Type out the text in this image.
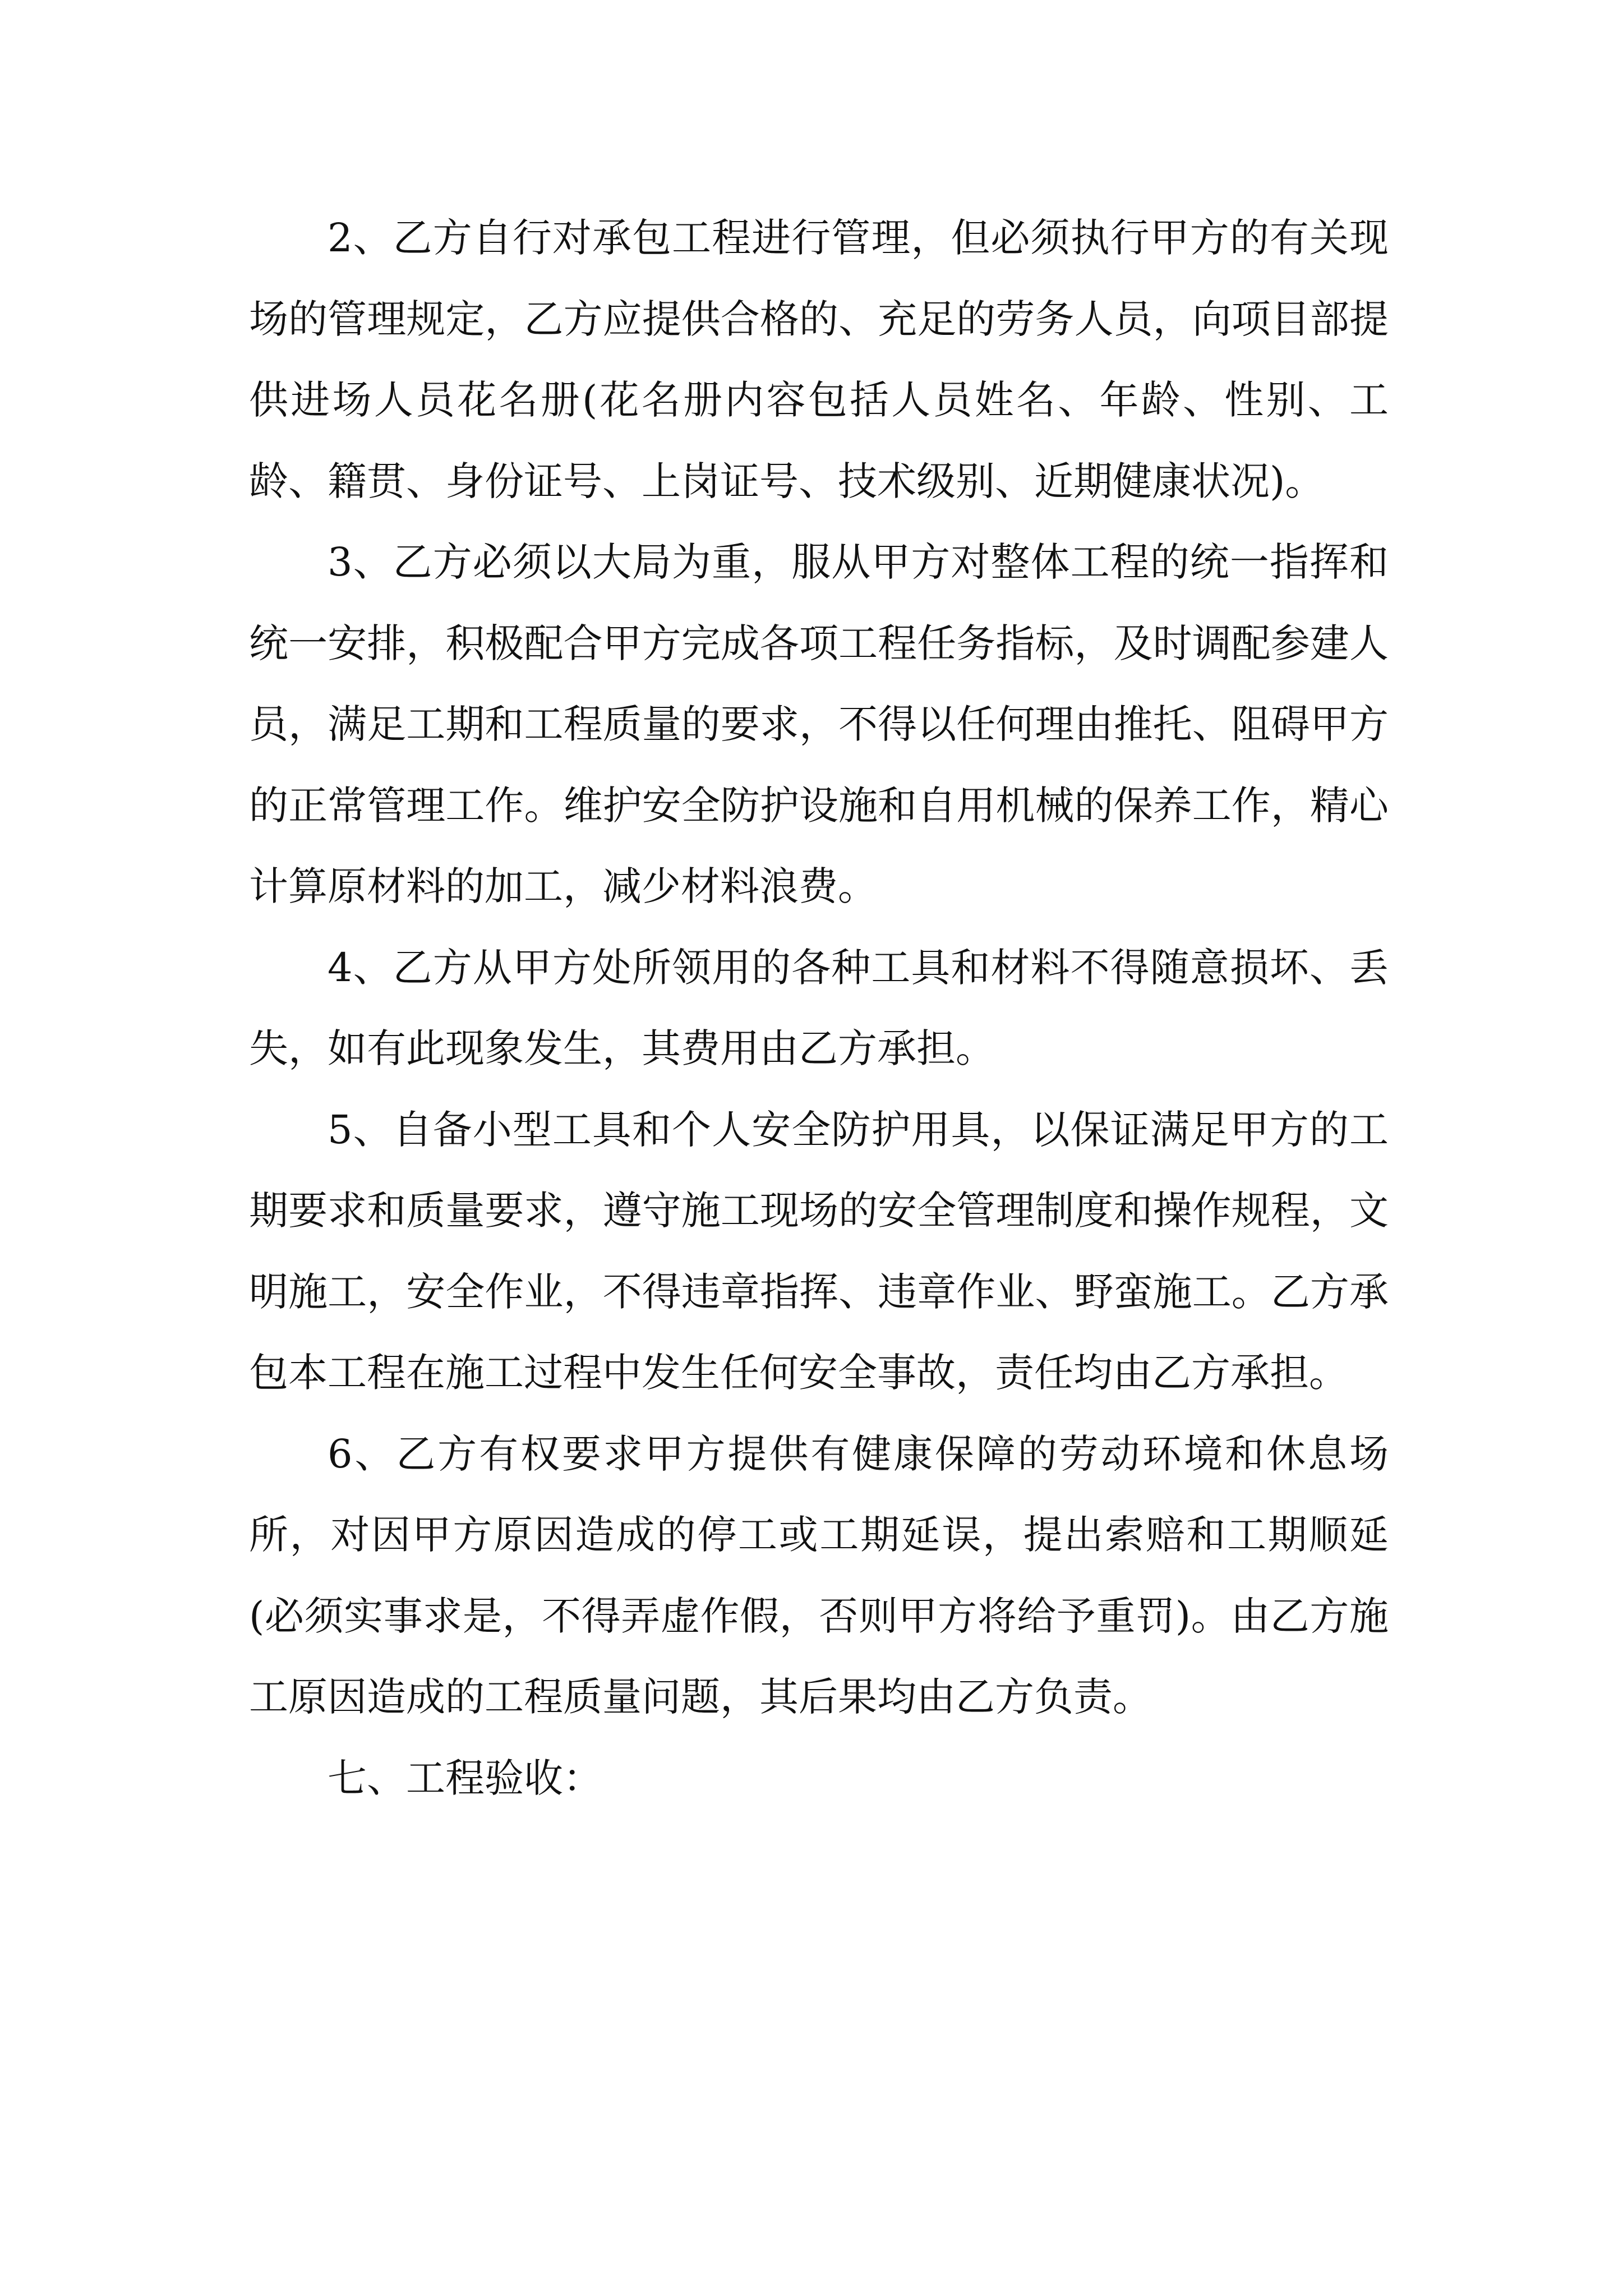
2、乙方自行对承包工程进行管理，但必须执行甲方的有关现场的管理规定，乙方应提供合格的、充足的劳务人员，向项目部提供进场人员花名册(花名册内容包括人员姓名、年龄、性别、工龄、籍贯、身份证号、上岗证号、技术级别、近期健康状况)。

3、乙方必须以大局为重，服从甲方对整体工程的统一指挥和统一安排，积极配合甲方完成各项工程任务指标，及时调配参建人员，满足工期和工程质量的要求，不得以任何理由推托、阻碍甲方的正常管理工作。维护安全防护设施和自用机械的保养工作，精心计算原材料的加工，减少材料浪费。

4、乙方从甲方处所领用的各种工具和材料不得随意损坏、丢失，如有此现象发生，其费用由乙方承担。

5、自备小型工具和个人安全防护用具，以保证满足甲方的工期要求和质量要求，遵守施工现场的安全管理制度和操作规程，文明施工，安全作业，不得违章指挥、违章作业、野蛮施工。乙方承包本工程在施工过程中发生任何安全事故，责任均由乙方承担。

6、乙方有权要求甲方提供有健康保障的劳动环境和休息场所，对因甲方原因造成的停工或工期延误，提出索赔和工期顺延(必须实事求是，不得弄虚作假，否则甲方将给予重罚)。由乙方施工原因造成的工程质量问题，其后果均由乙方负责。

七、工程验收：
